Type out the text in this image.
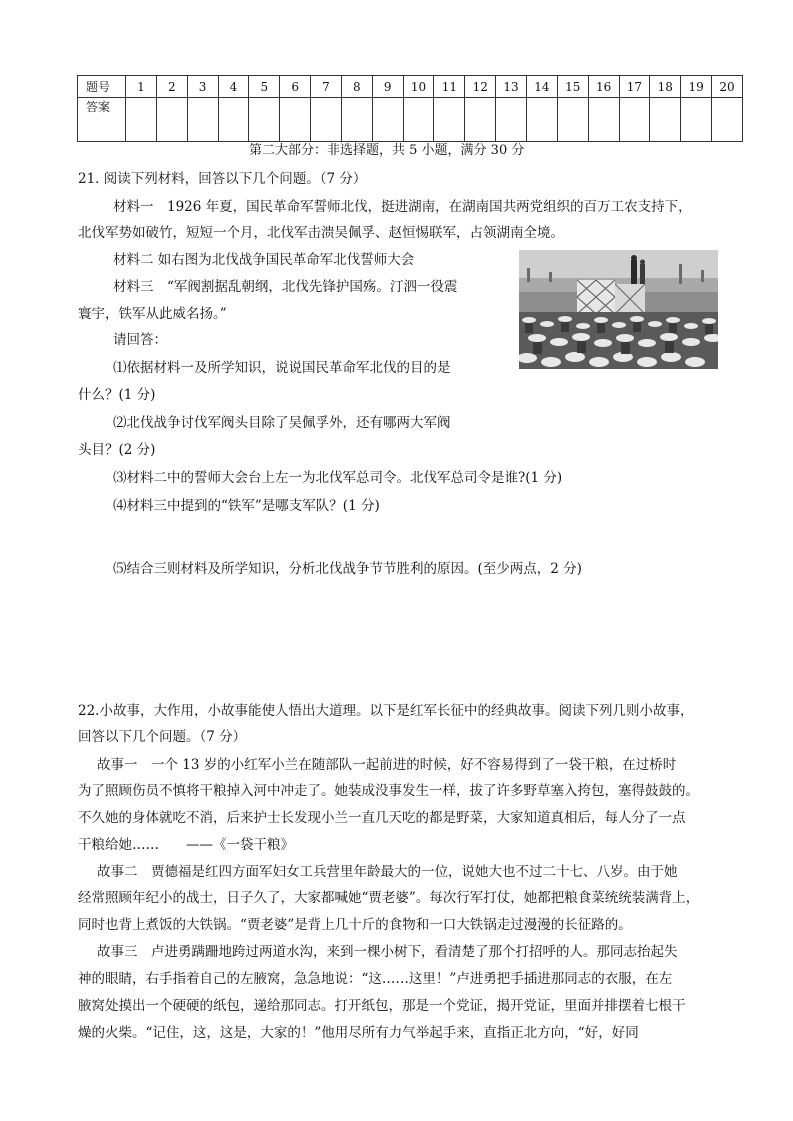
题号	1	2	3	4	5	6	7	8	9	10	11	12	13	14	15	16	17	18	19	20
答案																				
第二大部分：非选择题，共 5 小题，满分 30 分
21. 阅读下列材料，回答以下几个问题。（7 分）
材料一　1926 年夏，国民革命军誓师北伐，挺进湖南，在湖南国共两党组织的百万工农支持下，
北伐军势如破竹，短短一个月，北伐军击溃吴佩孚、赵恒惕联军，占领湖南全境。
材料二 如右图为北伐战争国民革命军北伐誓师大会
材料三　“军阀割据乱朝纲，北伐先锋护国殇。汀泗一役震
寰宇，铁军从此威名扬。”
请回答：
⑴依据材料一及所学知识，说说国民革命军北伐的目的是
什么？(1 分)
⑵北伐战争讨伐军阀头目除了吴佩孚外，还有哪两大军阀
头目？(2 分)
⑶材料二中的誓师大会台上左一为北伐军总司令。北伐军总司令是谁?(1 分)
⑷材料三中提到的“铁军”是哪支军队？(1 分)
⑸结合三则材料及所学知识，分析北伐战争节节胜利的原因。(至少两点，2 分)
22.小故事，大作用，小故事能使人悟出大道理。以下是红军长征中的经典故事。阅读下列几则小故事，
回答以下几个问题。（7 分）
故事一　一个 13 岁的小红军小兰在随部队一起前进的时候，好不容易得到了一袋干粮，在过桥时
为了照顾伤员不慎将干粮掉入河中冲走了。她装成没事发生一样，拔了许多野草塞入挎包，塞得鼓鼓的。
不久她的身体就吃不消，后来护士长发现小兰一直几天吃的都是野菜，大家知道真相后，每人分了一点
干粮给她……　　——《一袋干粮》
故事二　贾德福是红四方面军妇女工兵营里年龄最大的一位，说她大也不过二十七、八岁。由于她
经常照顾年纪小的战士，日子久了，大家都喊她“贾老婆”。每次行军打仗，她都把粮食菜统统装满背上，
同时也背上煮饭的大铁锅。“贾老婆”是背上几十斤的食物和一口大铁锅走过漫漫的长征路的。
故事三　卢进勇蹒跚地跨过两道水沟，来到一棵小树下，看清楚了那个打招呼的人。那同志抬起失
神的眼睛，右手指着自己的左腋窝，急急地说：“这……这里！”卢进勇把手插进那同志的衣服，在左
腋窝处摸出一个硬硬的纸包，递给那同志。打开纸包，那是一个党证，揭开党证，里面并排摆着七根干
燥的火柴。“记住，这，这是，大家的！”他用尽所有力气举起手来，直指正北方向，“好，好同
